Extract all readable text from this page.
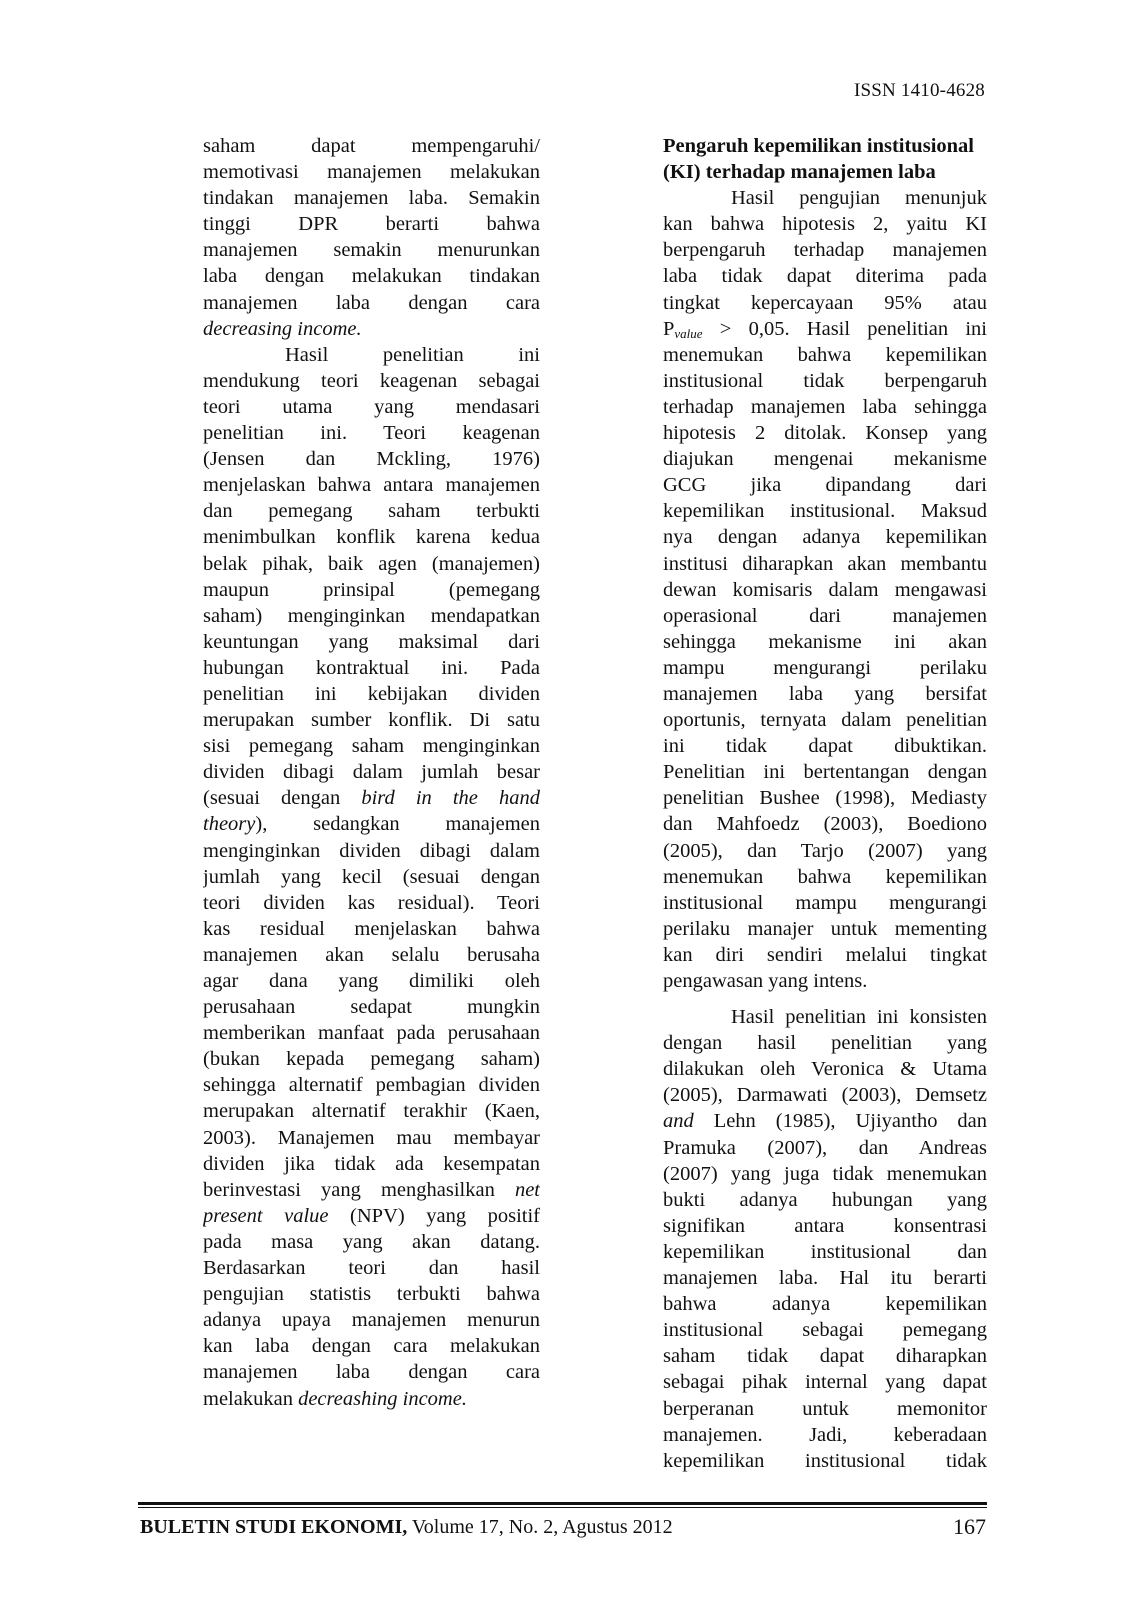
ISSN 1410-4628
saham dapat mempengaruhi/
memotivasi manajemen melakukan
tindakan manajemen laba. Semakin
tinggi DPR berarti bahwa
manajemen semakin menurunkan
laba dengan melakukan tindakan
manajemen laba dengan cara
decreasing income.
Hasil penelitian ini
mendukung teori keagenan sebagai
teori utama yang mendasari
penelitian ini. Teori keagenan
(Jensen dan Mckling, 1976)
menjelaskan bahwa antara manajemen
dan pemegang saham terbukti
menimbulkan konflik karena kedua
belak pihak, baik agen (manajemen)
maupun prinsipal (pemegang
saham) menginginkan mendapatkan
keuntungan yang maksimal dari
hubungan kontraktual ini. Pada
penelitian ini kebijakan dividen
merupakan sumber konflik. Di satu
sisi pemegang saham menginginkan
dividen dibagi dalam jumlah besar
(sesuai dengan bird in the hand
theory), sedangkan manajemen
menginginkan dividen dibagi dalam
jumlah yang kecil (sesuai dengan
teori dividen kas residual). Teori
kas residual menjelaskan bahwa
manajemen akan selalu berusaha
agar dana yang dimiliki oleh
perusahaan sedapat mungkin
memberikan manfaat pada perusahaan
(bukan kepada pemegang saham)
sehingga alternatif pembagian dividen
merupakan alternatif terakhir (Kaen,
2003). Manajemen mau membayar
dividen jika tidak ada kesempatan
berinvestasi yang menghasilkan net
present value (NPV) yang positif
pada masa yang akan datang.
Berdasarkan teori dan hasil
pengujian statistis terbukti bahwa
adanya upaya manajemen menurun
kan laba dengan cara melakukan
manajemen laba dengan cara
melakukan decreashing income.
Pengaruh kepemilikan institusional
(KI) terhadap manajemen laba
Hasil pengujian menunjuk
kan bahwa hipotesis 2, yaitu KI
berpengaruh terhadap manajemen
laba tidak dapat diterima pada
tingkat kepercayaan 95% atau
$P_{value} > 0,05$. Hasil penelitian ini
menemukan bahwa kepemilikan
institusional tidak berpengaruh
terhadap manajemen laba sehingga
hipotesis 2 ditolak. Konsep yang
diajukan mengenai mekanisme
GCG jika dipandang dari
kepemilikan institusional. Maksud
nya dengan adanya kepemilikan
institusi diharapkan akan membantu
dewan komisaris dalam mengawasi
operasional dari manajemen
sehingga mekanisme ini akan
mampu mengurangi perilaku
manajemen laba yang bersifat
oportunis, ternyata dalam penelitian
ini tidak dapat dibuktikan.
Penelitian ini bertentangan dengan
penelitian Bushee (1998), Mediasty
dan Mahfoedz (2003), Boediono
(2005), dan Tarjo (2007) yang
menemukan bahwa kepemilikan
institusional mampu mengurangi
perilaku manajer untuk mementing
kan diri sendiri melalui tingkat
pengawasan yang intens.
Hasil penelitian ini konsisten
dengan hasil penelitian yang
dilakukan oleh Veronica & Utama
(2005), Darmawati (2003), Demsetz
and Lehn (1985), Ujiyantho dan
Pramuka (2007), dan Andreas
(2007) yang juga tidak menemukan
bukti adanya hubungan yang
signifikan antara konsentrasi
kepemilikan institusional dan
manajemen laba. Hal itu berarti
bahwa adanya kepemilikan
institusional sebagai pemegang
saham tidak dapat diharapkan
sebagai pihak internal yang dapat
berperanan untuk memonitor
manajemen. Jadi, keberadaan
kepemilikan institusional tidak
BULETIN STUDI EKONOMI, Volume 17, No. 2, Agustus 2012	167
